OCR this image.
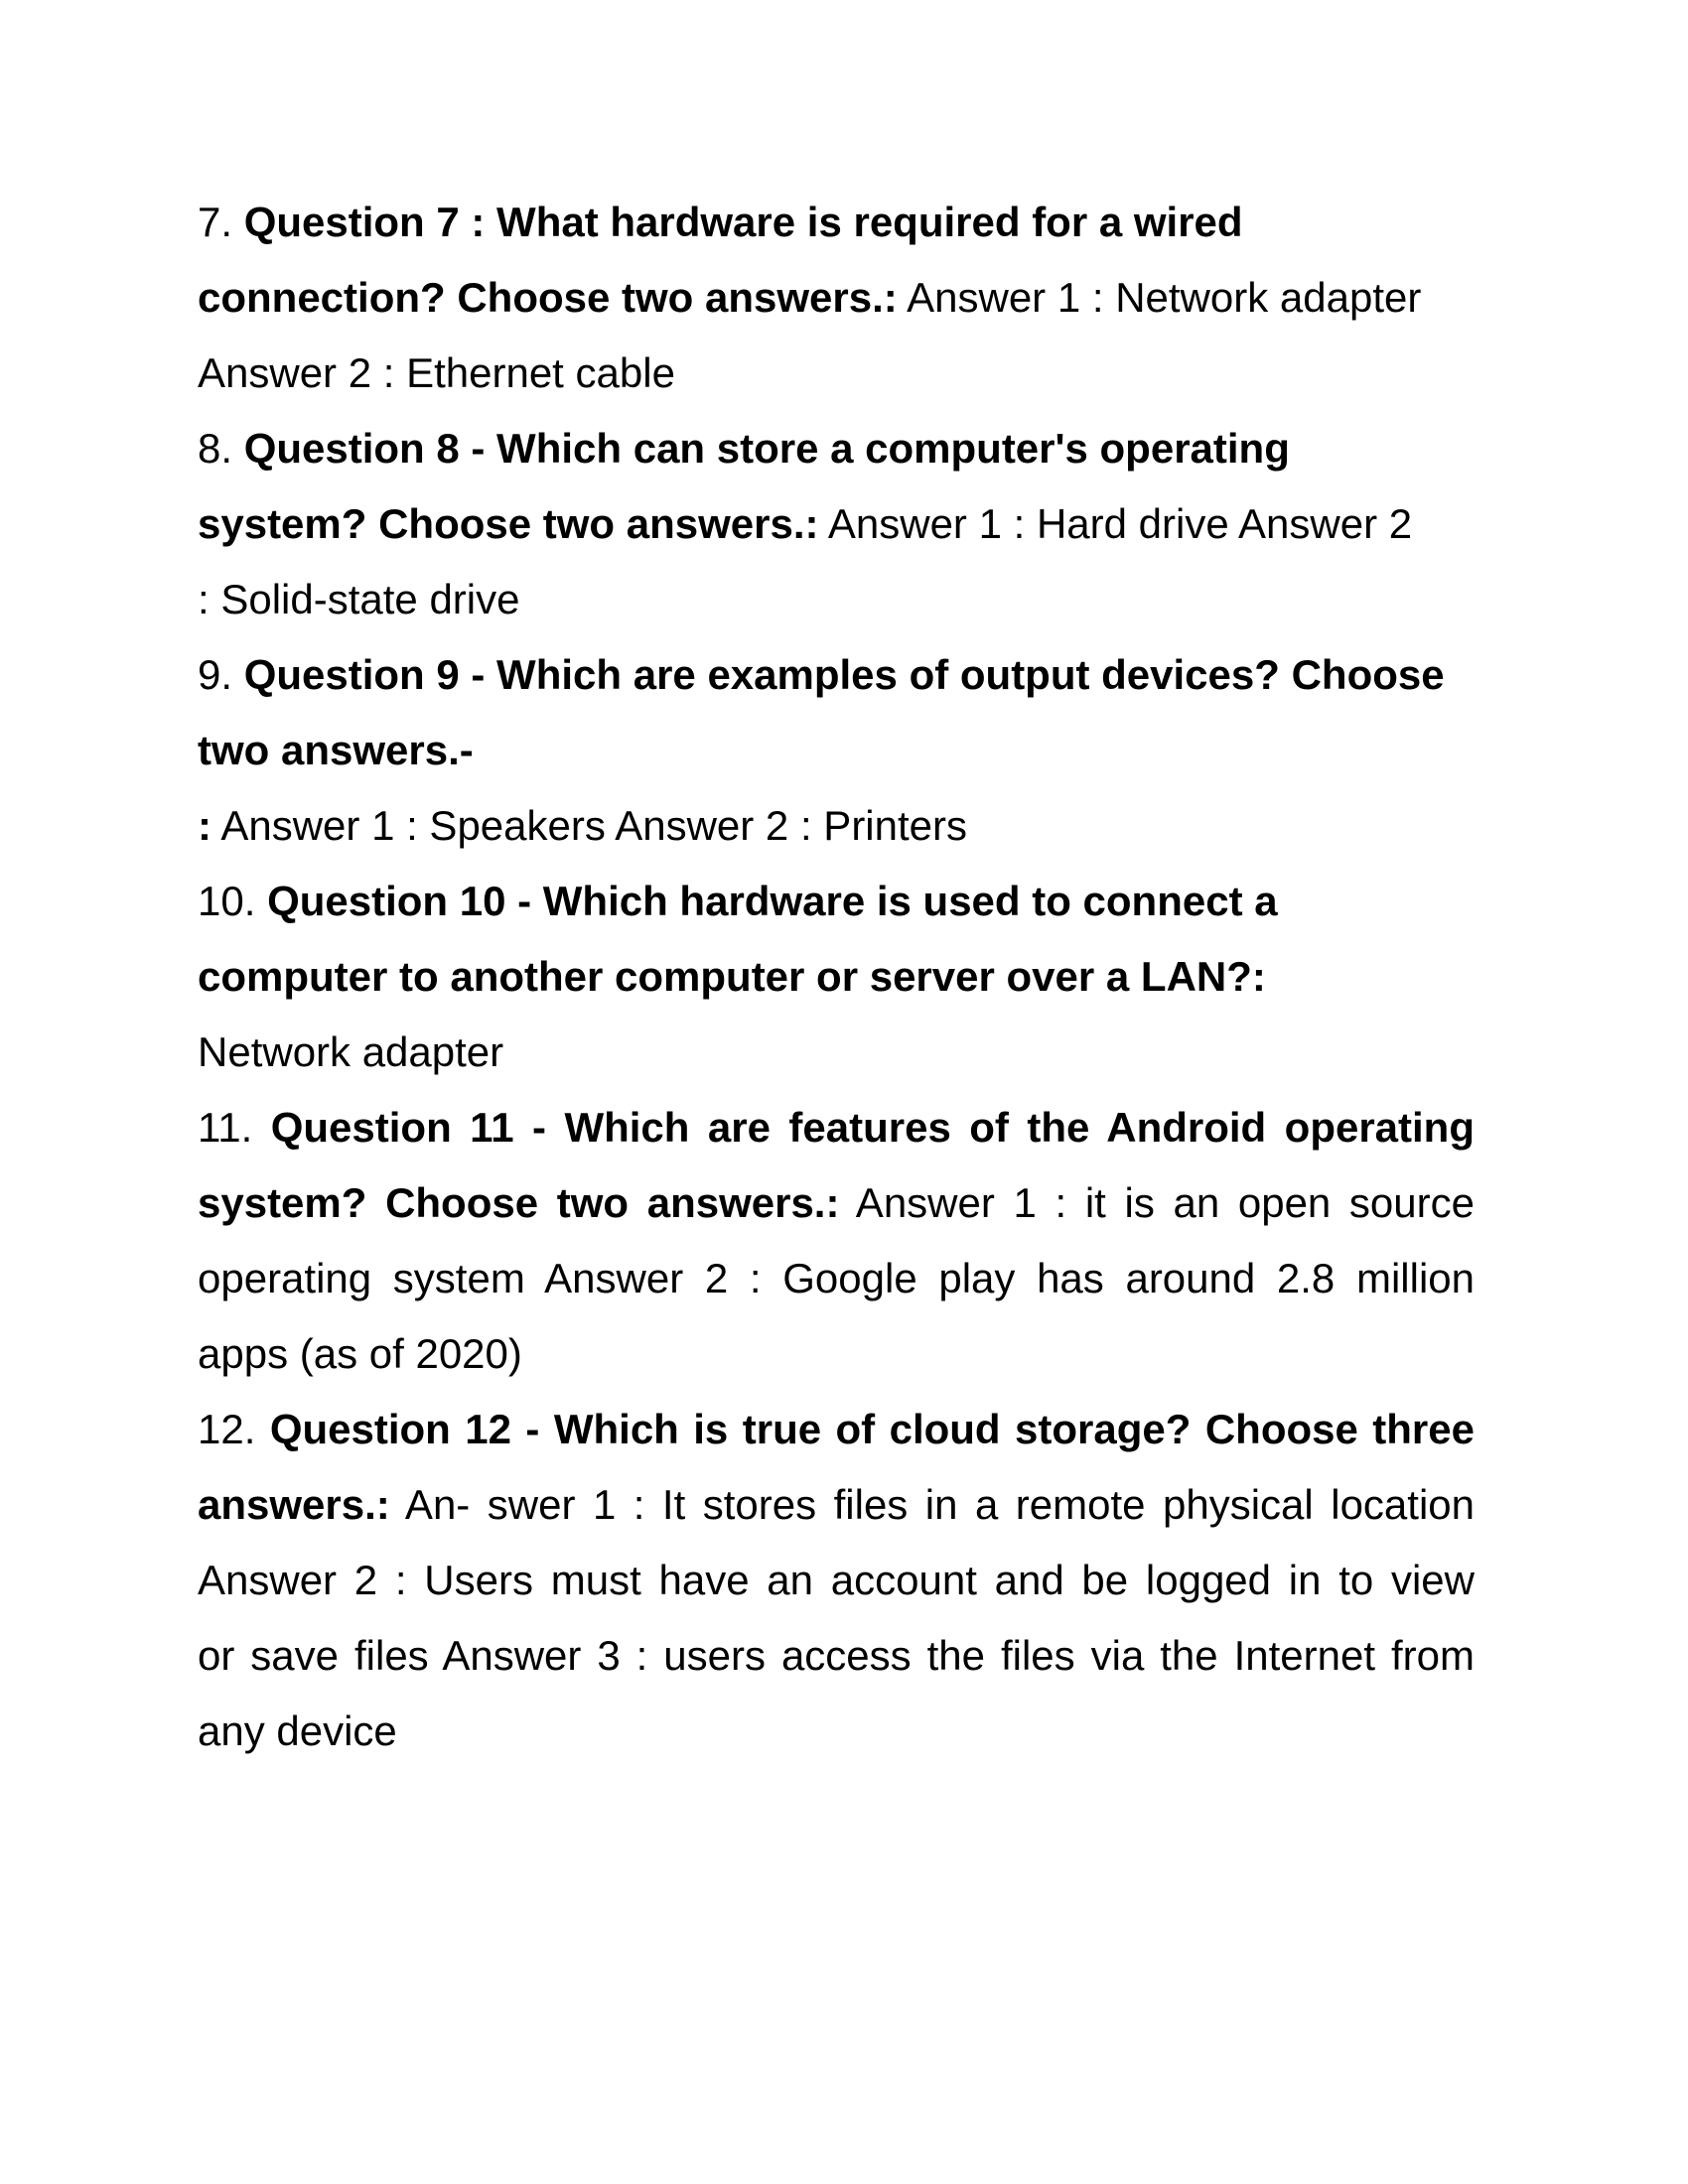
7. Question 7 : What hardware is required for a wired
connection? Choose two answers.: Answer 1 : Network adapter
Answer 2 : Ethernet cable
8. Question 8 - Which can store a computer's operating
system? Choose two answers.: Answer 1 : Hard drive Answer 2
: Solid-state drive
9. Question 9 - Which are examples of output devices? Choose
two answers.-
: Answer 1 : Speakers Answer 2 : Printers
10. Question 10 - Which hardware is used to connect a
computer to another computer or server over a LAN?:
Network adapter
11. Question 11 - Which are features of the Android operating
system? Choose two answers.: Answer 1 : it is an open source
operating system Answer 2 : Google play has around 2.8 million
apps (as of 2020)
12. Question 12 - Which is true of cloud storage? Choose three
answers.: An- swer 1 : It stores files in a remote physical location
Answer 2 : Users must have an account and be logged in to view
or save files Answer 3 : users access the files via the Internet from
any device
